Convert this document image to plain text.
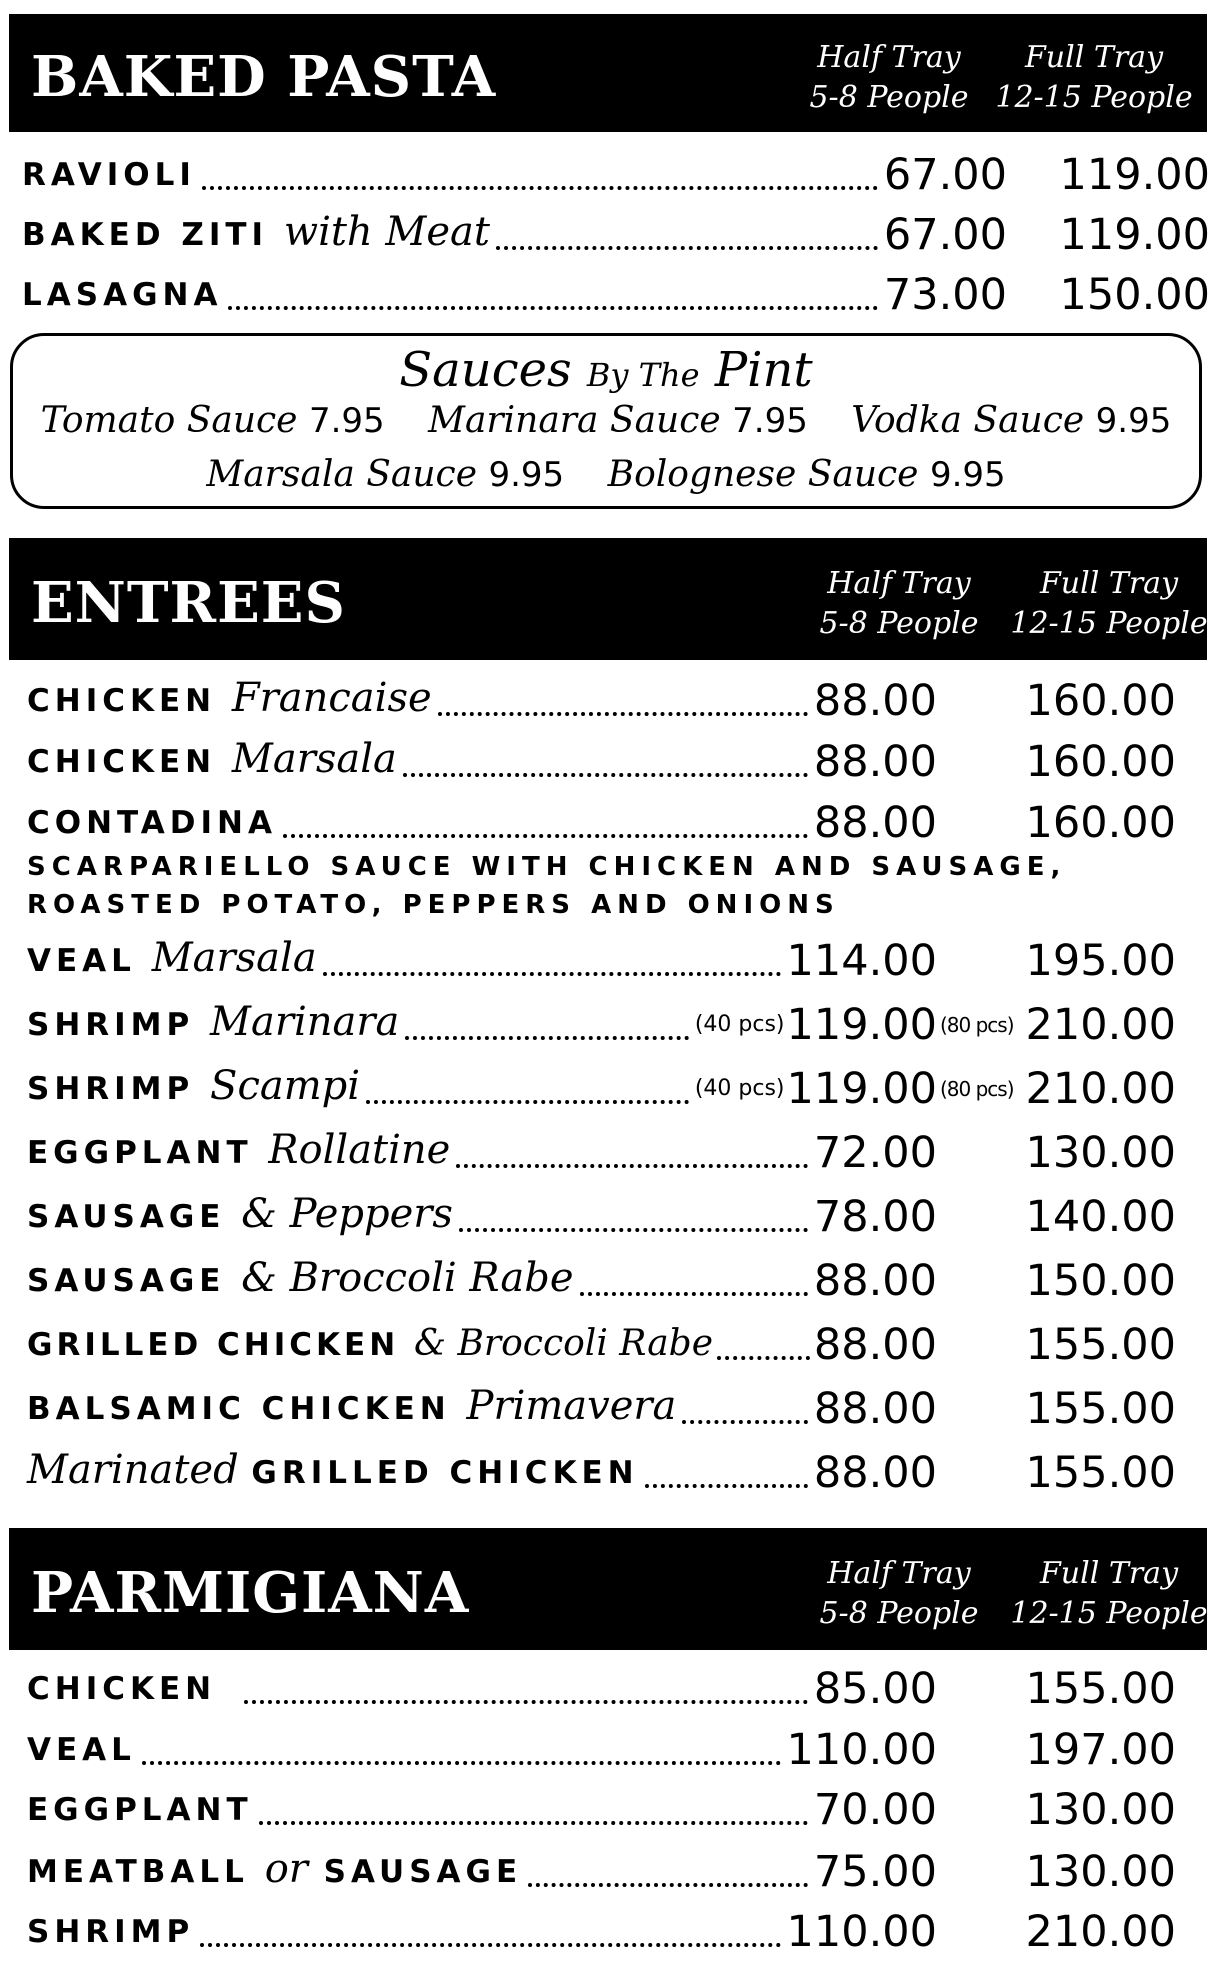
BAKED PASTA	Half Tray
5-8 People
Full Tray
12-15 People
RAVIOLI	67.00 119.00
BAKED ZITI with Meat	67.00 119.00
LASAGNA	73.00 150.00
Sauces By The Pint
Tomato Sauce 7.95 Marinara Sauce 7.95 Vodka Sauce 9.95
Marsala Sauce 9.95 Bolognese Sauce 9.95
ENTREES	Half Tray
5-8 People
Full Tray
12-15 People
CHICKEN Francaise	88.00 160.00
CHICKEN Marsala	88.00 160.00
CONTADINA	88.00 160.00
SCARPARIELLO SAUCE WITH CHICKEN AND SAUSAGE,
ROASTED POTATO, PEPPERS AND ONIONS
VEAL Marsala	114.00 195.00
SHRIMP Marinara	(40 pcs) 119.00 (80 pcs) 210.00
SHRIMP Scampi	(40 pcs) 119.00 (80 pcs) 210.00
EGGPLANT Rollatine	72.00 130.00
SAUSAGE & Peppers	78.00 140.00
SAUSAGE & Broccoli Rabe	88.00 150.00
GRILLED CHICKEN & Broccoli Rabe 88.00 155.00
BALSAMIC CHICKEN Primavera	88.00 155.00
Marinated GRILLED CHICKEN	88.00 155.00
PARMIGIANA	Half Tray
5-8 People
Full Tray
12-15 People
CHICKEN	85.00 155.00
VEAL	110.00 197.00
EGGPLANT	70.00 130.00
MEATBALL or SAUSAGE	75.00 130.00
SHRIMP	110.00 210.00
